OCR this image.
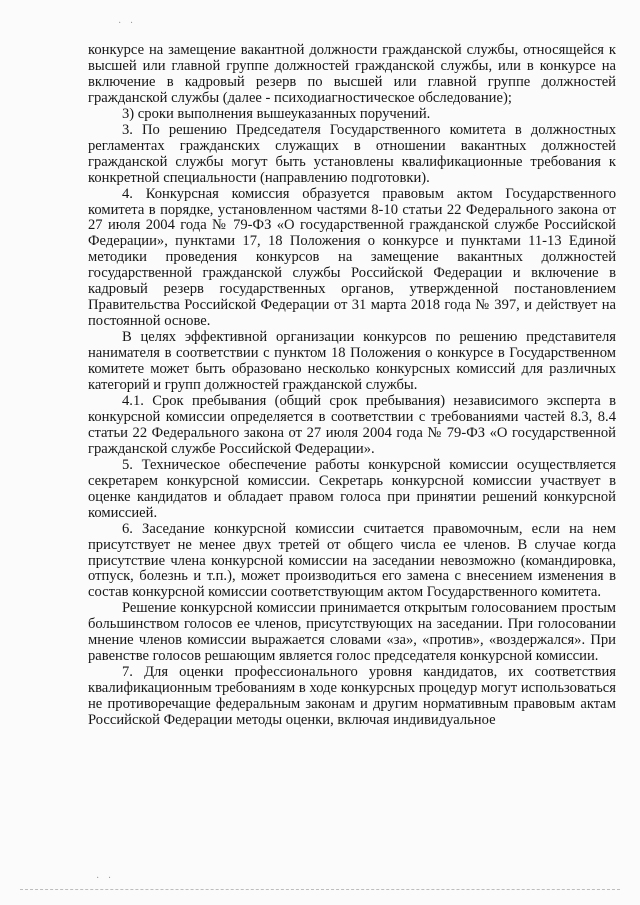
· ·

конкурсе на замещение вакантной должности гражданской службы, относящейся к высшей или главной группе должностей гражданской службы, или в конкурсе на включение в кадровый резерв по высшей или главной группе должностей гражданской службы (далее - психодиагностическое обследование);

3) сроки выполнения вышеуказанных поручений.

3. По решению Председателя Государственного комитета в должностных регламентах гражданских служащих в отношении вакантных должностей гражданской службы могут быть установлены квалификационные требования к конкретной специальности (направлению подготовки).

4. Конкурсная комиссия образуется правовым актом Государственного комитета в порядке, установленном частями 8-10 статьи 22 Федерального закона от 27 июля 2004 года № 79-ФЗ «О государственной гражданской службе Российской Федерации», пунктами 17, 18 Положения о конкурсе и пунктами 11-13 Единой методики проведения конкурсов на замещение вакантных должностей государственной гражданской службы Российской Федерации и включение в кадровый резерв государственных органов, утвержденной постановлением Правительства Российской Федерации от 31 марта 2018 года № 397, и действует на постоянной основе.

В целях эффективной организации конкурсов по решению представителя нанимателя в соответствии с пунктом 18 Положения о конкурсе в Государственном комитете может быть образовано несколько конкурсных комиссий для различных категорий и групп должностей гражданской службы.

4.1. Срок пребывания (общий срок пребывания) независимого эксперта в конкурсной комиссии определяется в соответствии с требованиями частей 8.3, 8.4 статьи 22 Федерального закона от 27 июля 2004 года № 79-ФЗ «О государственной гражданской службе Российской Федерации».

5. Техническое обеспечение работы конкурсной комиссии осуществляется секретарем конкурсной комиссии. Секретарь конкурсной комиссии участвует в оценке кандидатов и обладает правом голоса при принятии решений конкурсной комиссией.

6. Заседание конкурсной комиссии считается правомочным, если на нем присутствует не менее двух третей от общего числа ее членов. В случае когда присутствие члена конкурсной комиссии на заседании невозможно (командировка, отпуск, болезнь и т.п.), может производиться его замена с внесением изменения в состав конкурсной комиссии соответствующим актом Государственного комитета.

Решение конкурсной комиссии принимается открытым голосованием простым большинством голосов ее членов, присутствующих на заседании. При голосовании мнение членов комиссии выражается словами «за», «против», «воздержался». При равенстве голосов решающим является голос председателя конкурсной комиссии.

7. Для оценки профессионального уровня кандидатов, их соответствия квалификационным требованиям в ходе конкурсных процедур могут использоваться не противоречащие федеральным законам и другим нормативным правовым актам Российской Федерации методы оценки, включая индивидуальное

· ·
